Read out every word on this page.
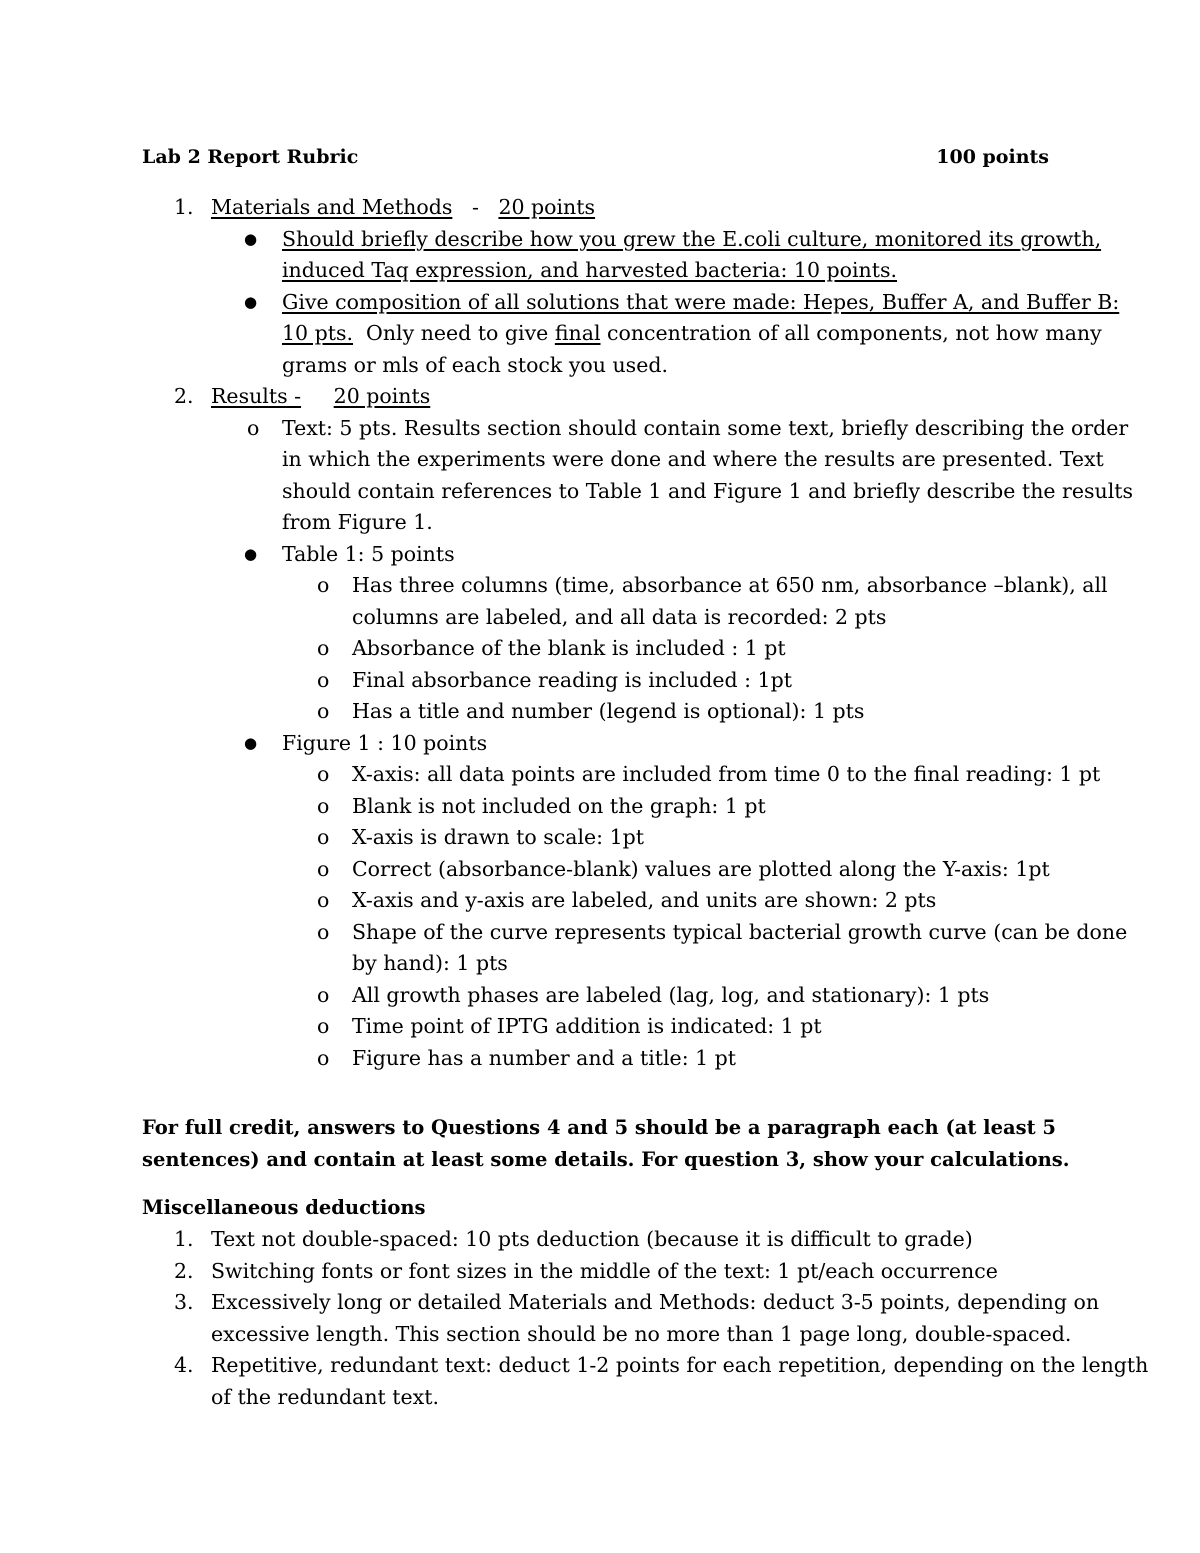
Lab 2 Report Rubric	100 points
1. Materials and Methods - 20 points
● Should briefly describe how you grew the E.coli culture, monitored its growth,
induced Taq expression, and harvested bacteria: 10 points.
● Give composition of all solutions that were made: Hepes, Buffer A, and Buffer B:
10 pts. Only need to give final concentration of all components, not how many
grams or mls of each stock you used.
2. Results - 20 points
o Text: 5 pts. Results section should contain some text, briefly describing the order
in which the experiments were done and where the results are presented. Text
should contain references to Table 1 and Figure 1 and briefly describe the results
from Figure 1.
● Table 1: 5 points
o Has three columns (time, absorbance at 650 nm, absorbance –blank), all
columns are labeled, and all data is recorded: 2 pts
o Absorbance of the blank is included : 1 pt
o Final absorbance reading is included : 1pt
o Has a title and number (legend is optional): 1 pts
● Figure 1 : 10 points
o X-axis: all data points are included from time 0 to the final reading: 1 pt
o Blank is not included on the graph: 1 pt
o X-axis is drawn to scale: 1pt
o Correct (absorbance-blank) values are plotted along the Y-axis: 1pt
o X-axis and y-axis are labeled, and units are shown: 2 pts
o Shape of the curve represents typical bacterial growth curve (can be done
by hand): 1 pts
o All growth phases are labeled (lag, log, and stationary): 1 pts
o Time point of IPTG addition is indicated: 1 pt
o Figure has a number and a title: 1 pt
For full credit, answers to Questions 4 and 5 should be a paragraph each (at least 5
sentences) and contain at least some details. For question 3, show your calculations.
Miscellaneous deductions
1. Text not double-spaced: 10 pts deduction (because it is difficult to grade)
2. Switching fonts or font sizes in the middle of the text: 1 pt/each occurrence
3. Excessively long or detailed Materials and Methods: deduct 3-5 points, depending on
excessive length. This section should be no more than 1 page long, double-spaced.
4. Repetitive, redundant text: deduct 1-2 points for each repetition, depending on the length
of the redundant text.
